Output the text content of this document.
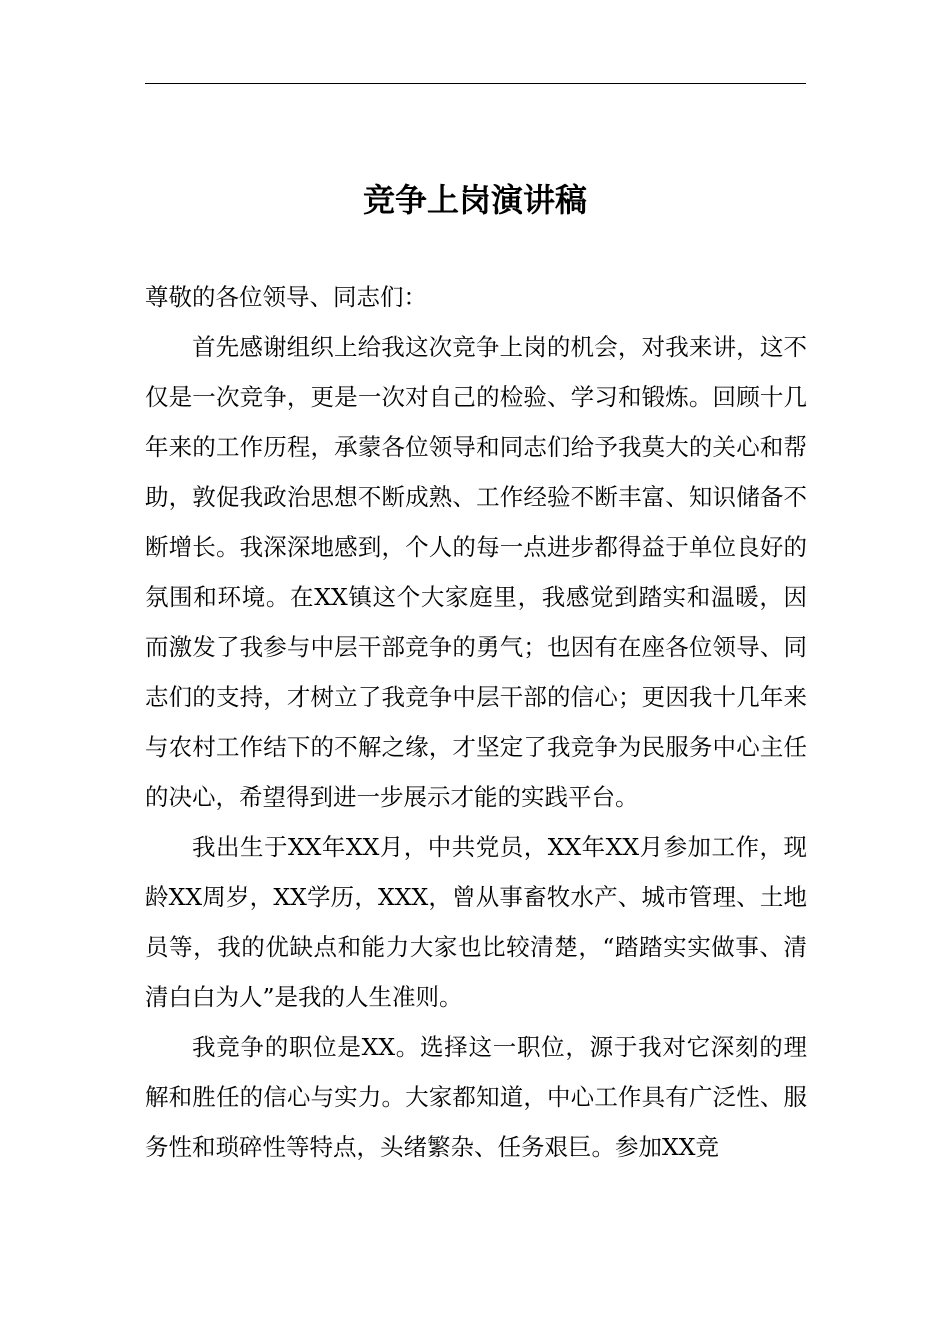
竞争上岗演讲稿

尊敬的各位领导、同志们：

首先感谢组织上给我这次竞争上岗的机会，对我来讲，这不仅是一次竞争，更是一次对自己的检验、学习和锻炼。回顾十几年来的工作历程，承蒙各位领导和同志们给予我莫大的关心和帮助，敦促我政治思想不断成熟、工作经验不断丰富、知识储备不断增长。我深深地感到，个人的每一点进步都得益于单位良好的氛围和环境。在XX镇这个大家庭里，我感觉到踏实和温暖，因而激发了我参与中层干部竞争的勇气；也因有在座各位领导、同志们的支持，才树立了我竞争中层干部的信心；更因我十几年来与农村工作结下的不解之缘，才坚定了我竞争为民服务中心主任的决心，希望得到进一步展示才能的实践平台。

我出生于XX年XX月，中共党员，XX年XX月参加工作，现龄XX周岁，XX学历，XXX，曾从事畜牧水产、城市管理、土地员等，我的优缺点和能力大家也比较清楚，“踏踏实实做事、清清白白为人”是我的人生准则。

我竞争的职位是XX。选择这一职位，源于我对它深刻的理解和胜任的信心与实力。大家都知道，中心工作具有广泛性、服务性和琐碎性等特点，头绪繁杂、任务艰巨。参加XX竞
